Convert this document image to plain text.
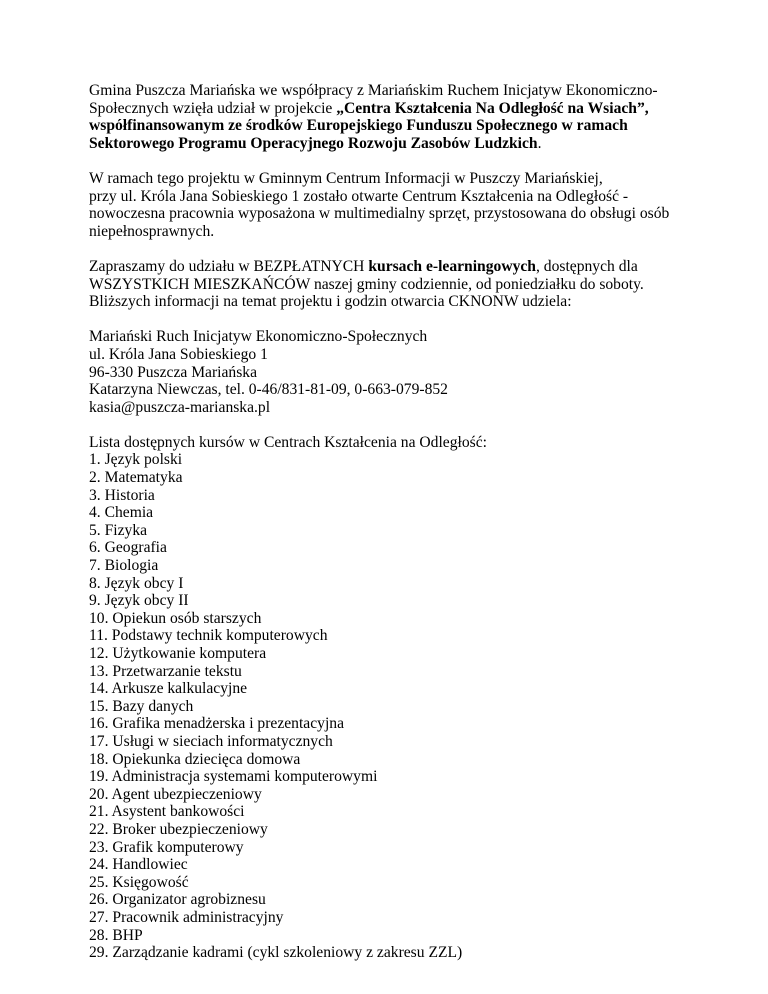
Gmina Puszcza Mariańska we współpracy z Mariańskim Ruchem Inicjatyw Ekonomiczno-
Społecznych wzięła udział w projekcie „Centra Kształcenia Na Odległość na Wsiach”,
współfinansowanym ze środków Europejskiego Funduszu Społecznego w ramach
Sektorowego Programu Operacyjnego Rozwoju Zasobów Ludzkich.

W ramach tego projektu w Gminnym Centrum Informacji w Puszczy Mariańskiej,
przy ul. Króla Jana Sobieskiego 1 zostało otwarte Centrum Kształcenia na Odległość -
nowoczesna pracownia wyposażona w multimedialny sprzęt, przystosowana do obsługi osób
niepełnosprawnych.

Zapraszamy do udziału w BEZPŁATNYCH kursach e-learningowych, dostępnych dla
WSZYSTKICH MIESZKAŃCÓW naszej gminy codziennie, od poniedziałku do soboty.
Bliższych informacji na temat projektu i godzin otwarcia CKNONW udziela:

Mariański Ruch Inicjatyw Ekonomiczno-Społecznych
ul. Króla Jana Sobieskiego 1
96-330 Puszcza Mariańska
Katarzyna Niewczas, tel. 0-46/831-81-09, 0-663-079-852
kasia@puszcza-marianska.pl

Lista dostępnych kursów w Centrach Kształcenia na Odległość:
1. Język polski
2. Matematyka
3. Historia
4. Chemia
5. Fizyka
6. Geografia
7. Biologia
8. Język obcy I
9. Język obcy II
10. Opiekun osób starszych
11. Podstawy technik komputerowych
12. Użytkowanie komputera
13. Przetwarzanie tekstu
14. Arkusze kalkulacyjne
15. Bazy danych
16. Grafika menadżerska i prezentacyjna
17. Usługi w sieciach informatycznych
18. Opiekunka dziecięca domowa
19. Administracja systemami komputerowymi
20. Agent ubezpieczeniowy
21. Asystent bankowości
22. Broker ubezpieczeniowy
23. Grafik komputerowy
24. Handlowiec
25. Księgowość
26. Organizator agrobiznesu
27. Pracownik administracyjny
28. BHP
29. Zarządzanie kadrami (cykl szkoleniowy z zakresu ZZL)
